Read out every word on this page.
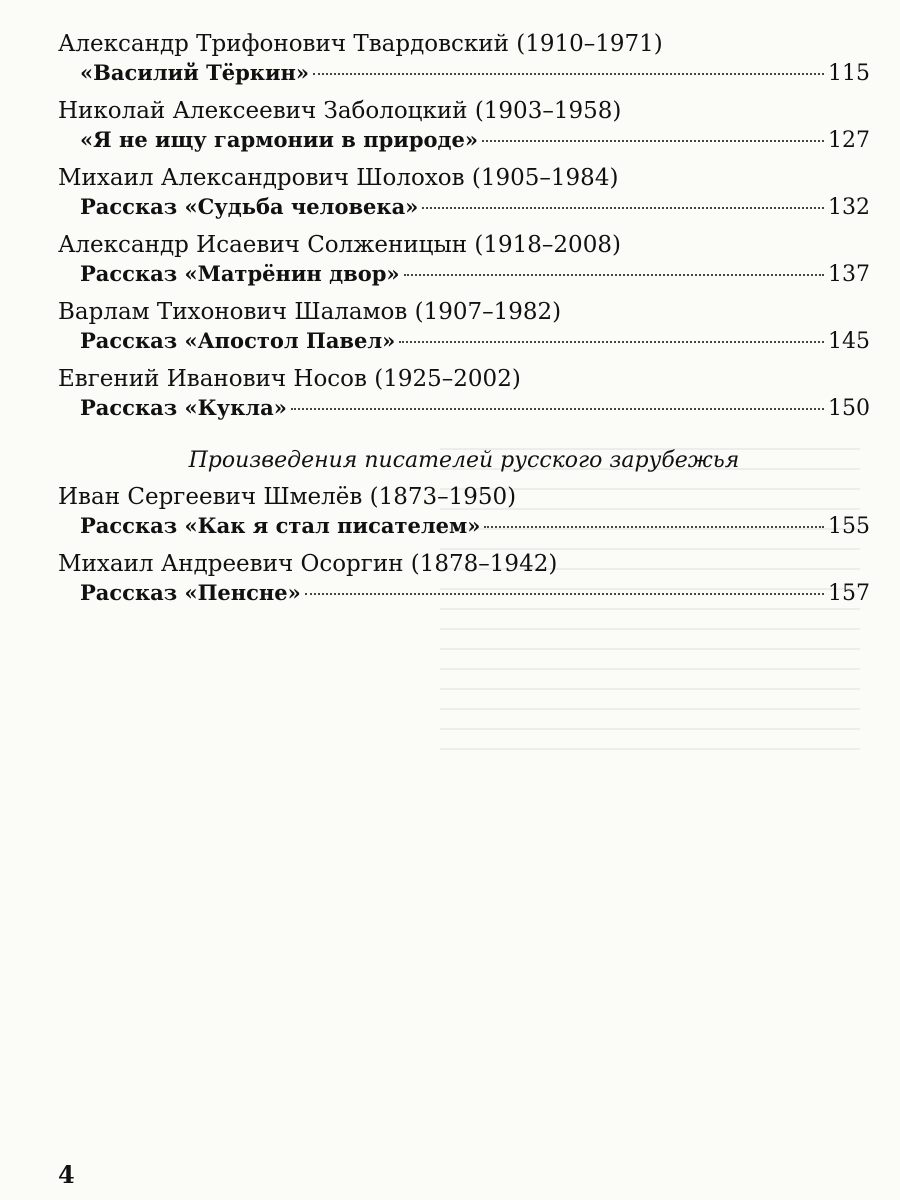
Александр Трифонович Твардовский (1910–1971)
«Василий Тёркин»	115
Николай Алексеевич Заболоцкий (1903–1958)
«Я не ищу гармонии в природе»	127
Михаил Александрович Шолохов (1905–1984)
Рассказ «Судьба человека»	132
Александр Исаевич Солженицын (1918–2008)
Рассказ «Матрёнин двор»	137
Варлам Тихонович Шаламов (1907–1982)
Рассказ «Апостол Павел»	145
Евгений Иванович Носов (1925–2002)
Рассказ «Кукла»	150
Произведения писателей русского зарубежья
Иван Сергеевич Шмелёв (1873–1950)
Рассказ «Как я стал писателем»	155
Михаил Андреевич Осоргин (1878–1942)
Рассказ «Пенсне»	157
4
